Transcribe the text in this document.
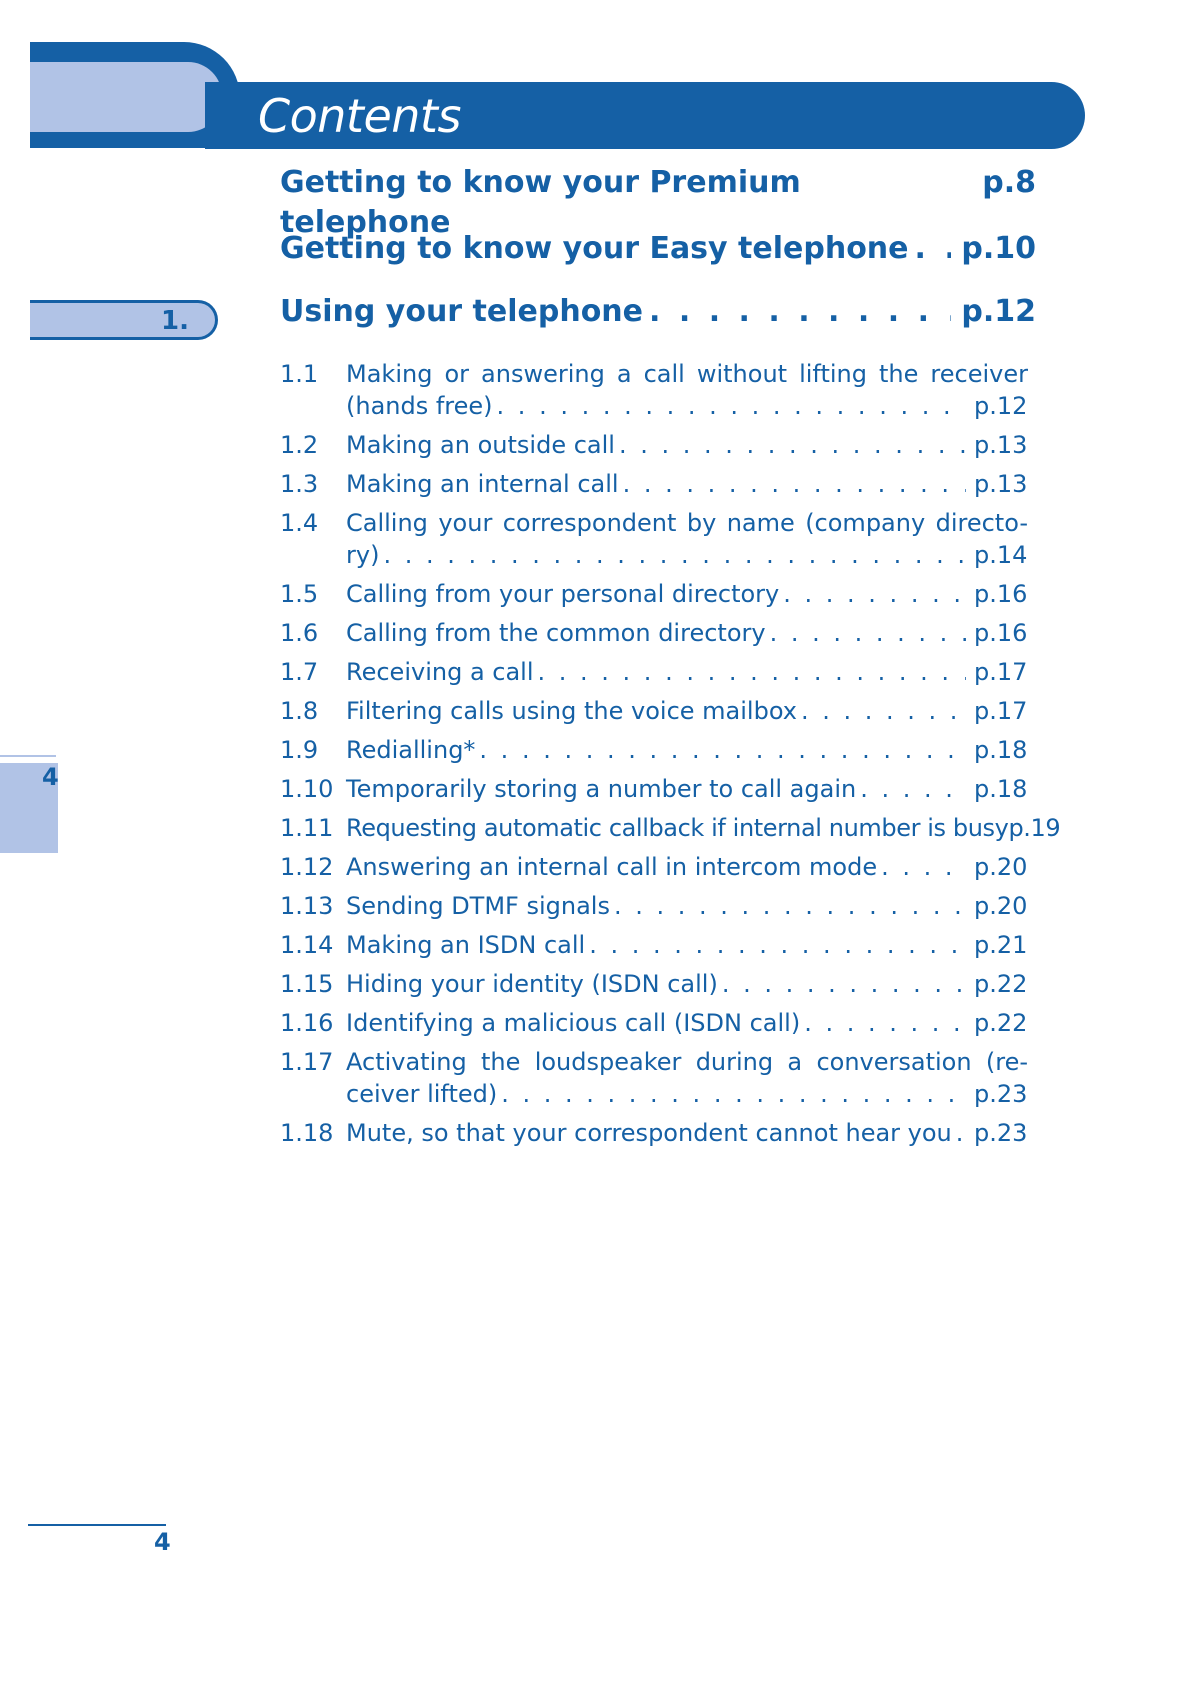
Contents
1.
4
Getting to know your Premium telephone
p.8
Getting to know your Easy telephone . . . p.10
Using your telephone . . .	p.12
1.1	Making or answering a call without lifting the receiver
(hands free) . . .	p.12
1.2	Making an outside call . . .	p.13
1.3	Making an internal call . . .	p.13
1.4	Calling your correspondent by name (company directo-
ry) . . .	p.14
1.5	Calling from your personal directory . . .	p.16
1.6	Calling from the common directory . . .	p.16
1.7	Receiving a call . . .	p.17
1.8	Filtering calls using the voice mailbox . . .	p.17
1.9	Redialling* . . .	p.18
1.10 Temporarily storing a number to call again . . .	p.18
1.11 Requesting automatic callback if internal number is busy p.19
1.12 Answering an internal call in intercom mode . . .	p.20
1.13 Sending DTMF signals . . .	p.20
1.14 Making an ISDN call . . .	p.21
1.15 Hiding your identity (ISDN call) . . .	p.22
1.16 Identifying a malicious call (ISDN call) . . .	p.22
1.17 Activating the loudspeaker during a conversation (re-
ceiver lifted) . . .	p.23
1.18 Mute, so that your correspondent cannot hear you . . . p.23
4
